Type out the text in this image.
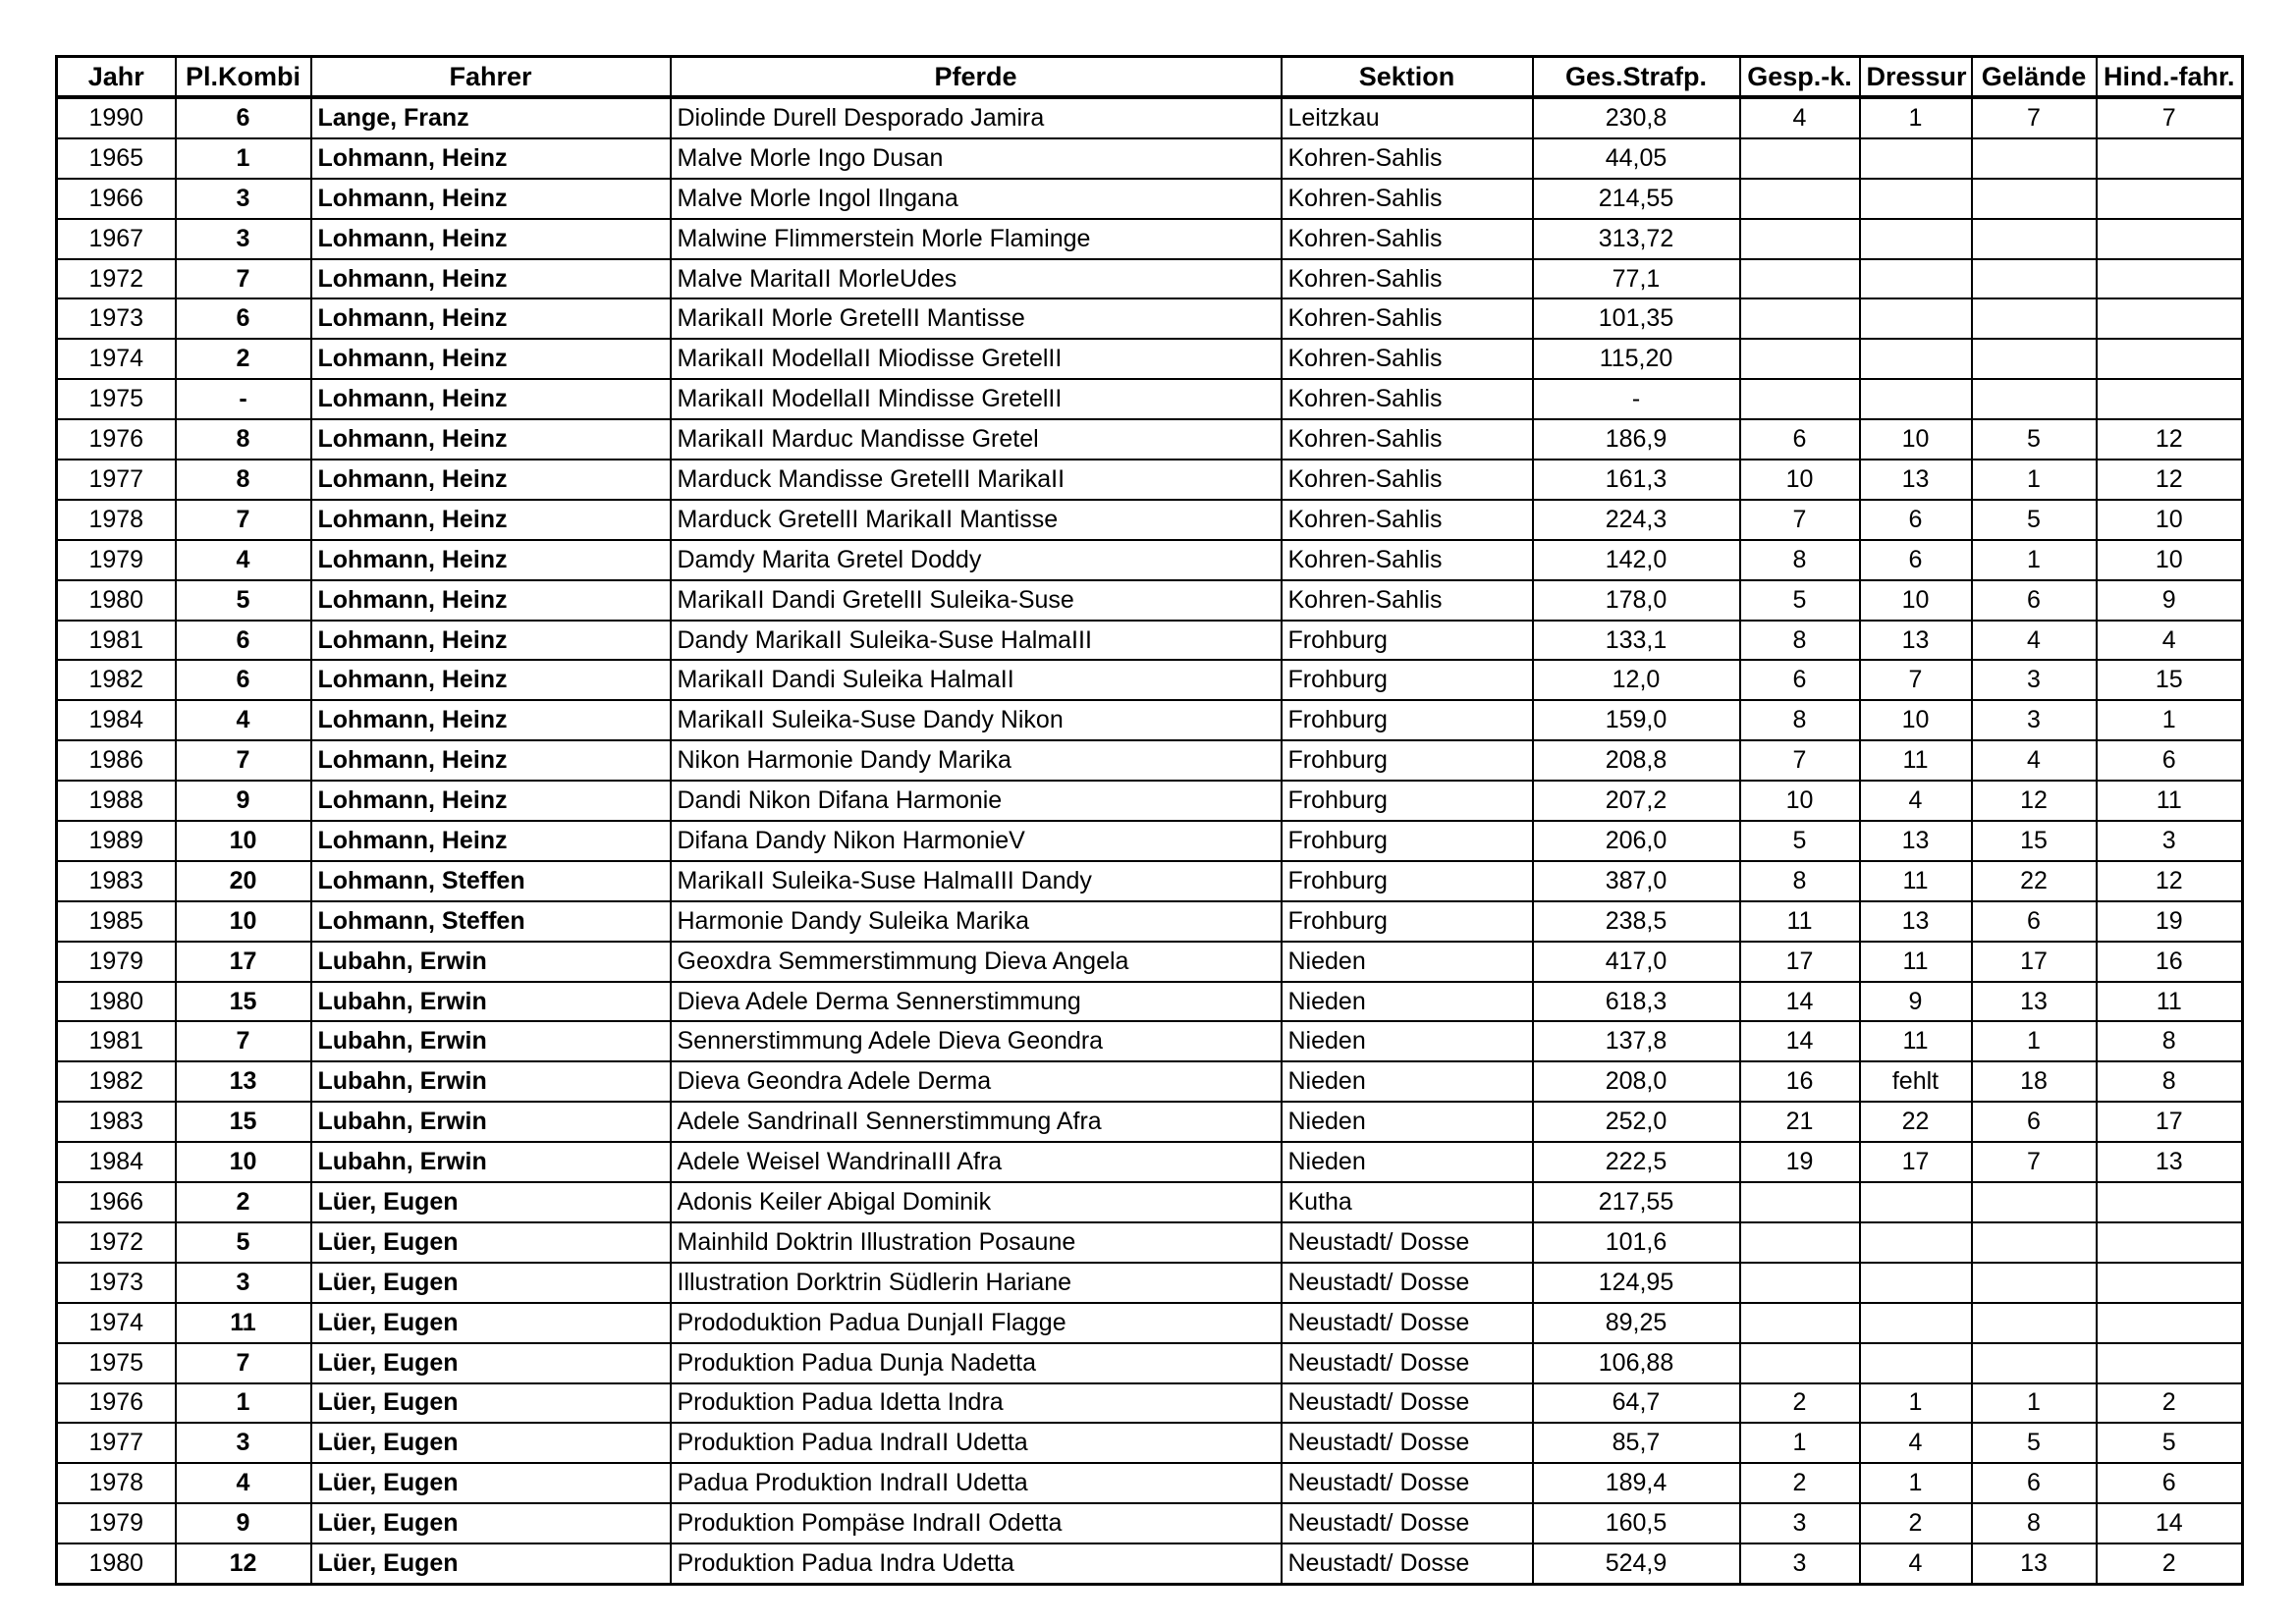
Jahr	Pl.Kombi	Fahrer	Pferde	Sektion	Ges.Strafp.	Gesp.-k.	Dressur	Gelände	Hind.-fahr.
1990	6	Lange, Franz	Diolinde Durell Desporado Jamira	Leitzkau	230,8	4	1	7	7
1965	1	Lohmann, Heinz	Malve Morle Ingo Dusan	Kohren-Sahlis	44,05				
1966	3	Lohmann, Heinz	Malve Morle Ingol Ilngana	Kohren-Sahlis	214,55				
1967	3	Lohmann, Heinz	Malwine Flimmerstein Morle Flaminge	Kohren-Sahlis	313,72				
1972	7	Lohmann, Heinz	Malve MaritaII MorleUdes	Kohren-Sahlis	77,1				
1973	6	Lohmann, Heinz	MarikaII Morle GretelII Mantisse	Kohren-Sahlis	101,35				
1974	2	Lohmann, Heinz	MarikaII ModellaII Miodisse GretelII	Kohren-Sahlis	115,20				
1975	-	Lohmann, Heinz	MarikaII ModellaII Mindisse GretelII	Kohren-Sahlis	-				
1976	8	Lohmann, Heinz	MarikaII Marduc Mandisse Gretel	Kohren-Sahlis	186,9	6	10	5	12
1977	8	Lohmann, Heinz	Marduck Mandisse GretelII MarikaII	Kohren-Sahlis	161,3	10	13	1	12
1978	7	Lohmann, Heinz	Marduck GretelII MarikaII Mantisse	Kohren-Sahlis	224,3	7	6	5	10
1979	4	Lohmann, Heinz	Damdy Marita Gretel Doddy	Kohren-Sahlis	142,0	8	6	1	10
1980	5	Lohmann, Heinz	MarikaII Dandi GretelII Suleika-Suse	Kohren-Sahlis	178,0	5	10	6	9
1981	6	Lohmann, Heinz	Dandy MarikaII Suleika-Suse HalmaIII	Frohburg	133,1	8	13	4	4
1982	6	Lohmann, Heinz	MarikaII Dandi Suleika HalmaII	Frohburg	12,0	6	7	3	15
1984	4	Lohmann, Heinz	MarikaII Suleika-Suse Dandy Nikon	Frohburg	159,0	8	10	3	1
1986	7	Lohmann, Heinz	Nikon Harmonie Dandy Marika	Frohburg	208,8	7	11	4	6
1988	9	Lohmann, Heinz	Dandi Nikon Difana Harmonie	Frohburg	207,2	10	4	12	11
1989	10	Lohmann, Heinz	Difana Dandy Nikon HarmonieV	Frohburg	206,0	5	13	15	3
1983	20	Lohmann, Steffen	MarikaII Suleika-Suse HalmaIII Dandy	Frohburg	387,0	8	11	22	12
1985	10	Lohmann, Steffen	Harmonie Dandy Suleika Marika	Frohburg	238,5	11	13	6	19
1979	17	Lubahn, Erwin	Geoxdra Semmerstimmung Dieva Angela	Nieden	417,0	17	11	17	16
1980	15	Lubahn, Erwin	Dieva Adele Derma Sennerstimmung	Nieden	618,3	14	9	13	11
1981	7	Lubahn, Erwin	Sennerstimmung Adele Dieva Geondra	Nieden	137,8	14	11	1	8
1982	13	Lubahn, Erwin	Dieva Geondra Adele Derma	Nieden	208,0	16	fehlt	18	8
1983	15	Lubahn, Erwin	Adele SandrinaII Sennerstimmung Afra	Nieden	252,0	21	22	6	17
1984	10	Lubahn, Erwin	Adele Weisel WandrinaIII Afra	Nieden	222,5	19	17	7	13
1966	2	Lüer, Eugen	Adonis Keiler Abigal Dominik	Kutha	217,55				
1972	5	Lüer, Eugen	Mainhild Doktrin Illustration Posaune	Neustadt/ Dosse	101,6				
1973	3	Lüer, Eugen	Illustration Dorktrin Südlerin Hariane	Neustadt/ Dosse	124,95				
1974	11	Lüer, Eugen	Prododuktion Padua DunjaII Flagge	Neustadt/ Dosse	89,25				
1975	7	Lüer, Eugen	Produktion Padua Dunja Nadetta	Neustadt/ Dosse	106,88				
1976	1	Lüer, Eugen	Produktion Padua Idetta Indra	Neustadt/ Dosse	64,7	2	1	1	2
1977	3	Lüer, Eugen	Produktion Padua IndraII Udetta	Neustadt/ Dosse	85,7	1	4	5	5
1978	4	Lüer, Eugen	Padua Produktion IndraII Udetta	Neustadt/ Dosse	189,4	2	1	6	6
1979	9	Lüer, Eugen	Produktion Pompäse IndraII Odetta	Neustadt/ Dosse	160,5	3	2	8	14
1980	12	Lüer, Eugen	Produktion Padua Indra Udetta	Neustadt/ Dosse	524,9	3	4	13	2
